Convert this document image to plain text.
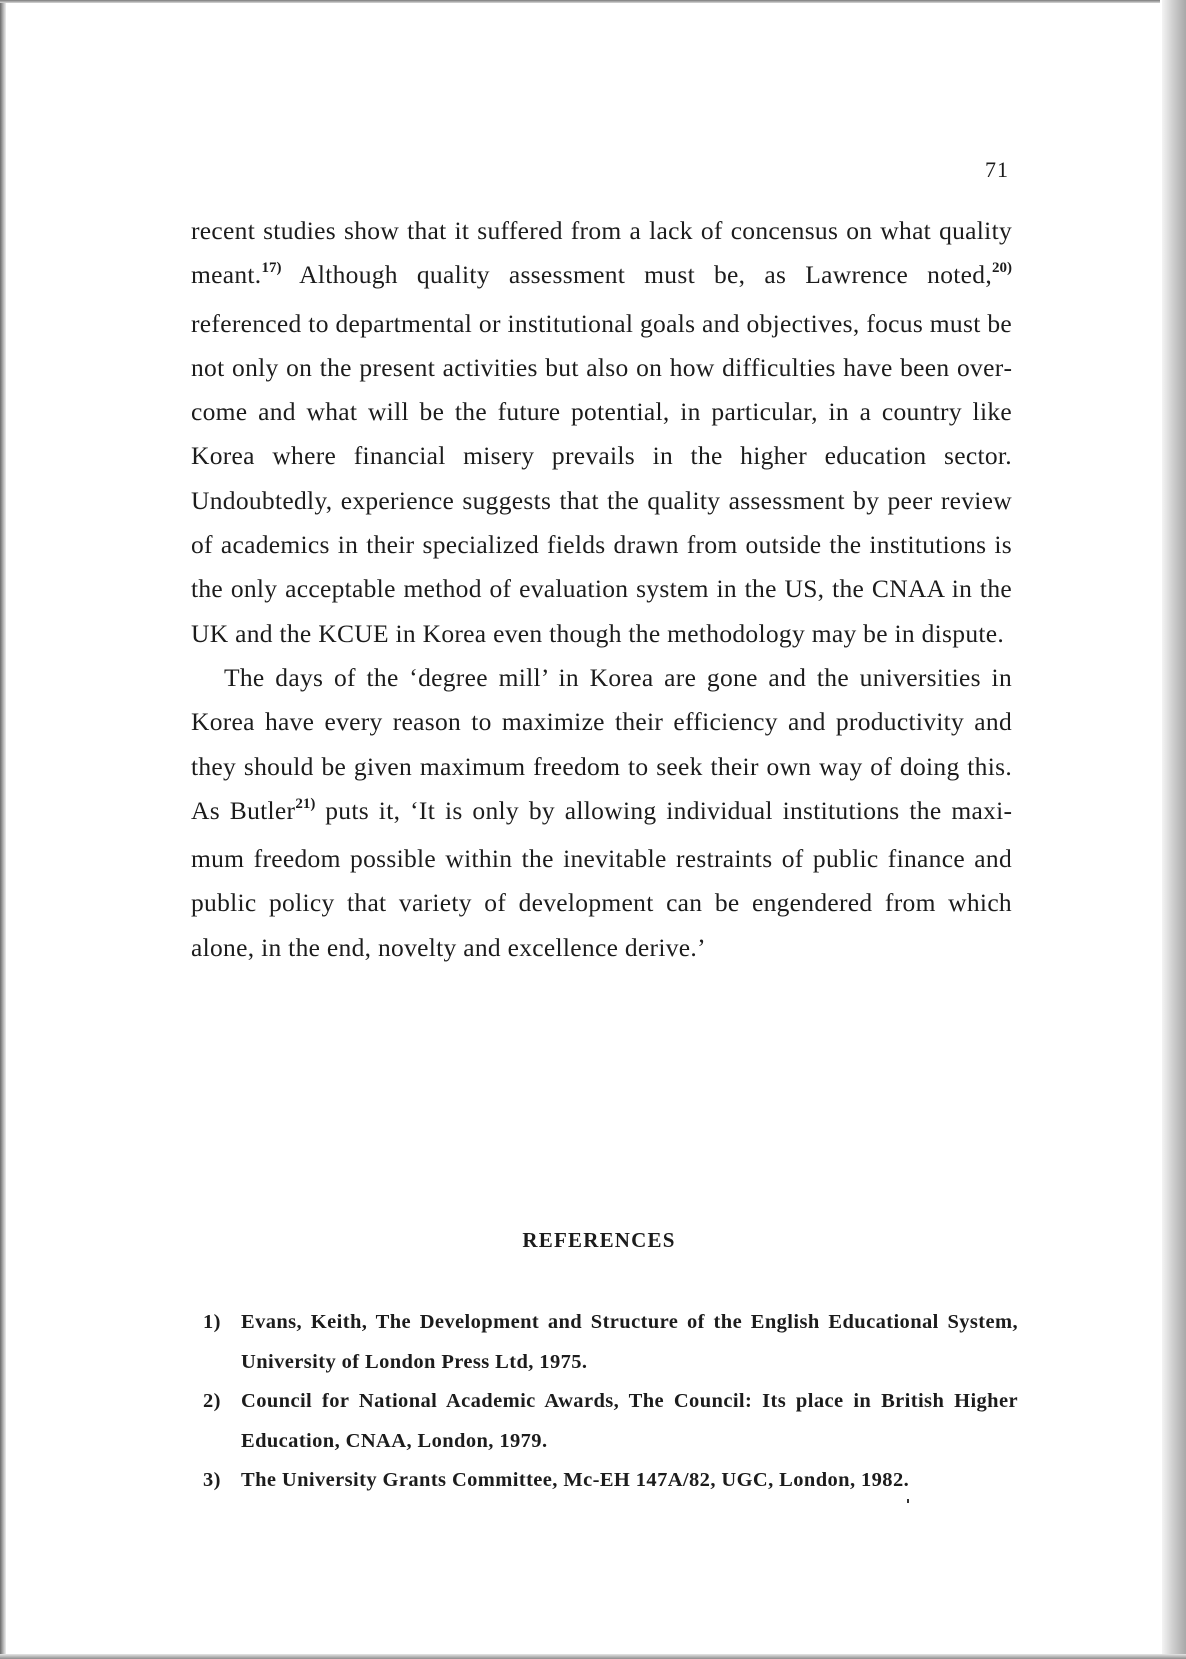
71

recent studies show that it suffered from a lack of concensus on what quality meant.$^{17)}$ Although quality assessment must be, as Lawrence noted,$^{20)}$ referenced to departmental or institutional goals and objectives, focus must be not only on the present activities but also on how difficulties have been overcome and what will be the future potential, in particular, in a country like Korea where financial misery prevails in the higher education sector. Undoubtedly, experience suggests that the quality assessment by peer review of academics in their specialized fields drawn from outside the institutions is the only acceptable method of evaluation system in the US, the CNAA in the UK and the KCUE in Korea even though the methodology may be in dispute.

The days of the ‘degree mill’ in Korea are gone and the universities in Korea have every reason to maximize their efficiency and productivity and they should be given maximum freedom to seek their own way of doing this. As Butler$^{21)}$ puts it, ‘It is only by allowing individual institutions the maximum freedom possible within the inevitable restraints of public finance and public policy that variety of development can be engendered from which alone, in the end, novelty and excellence derive.’

REFERENCES
1) Evans, Keith, The Development and Structure of the English Educational System, University of London Press Ltd, 1975.
2) Council for National Academic Awards, The Council: Its place in British Higher Education, CNAA, London, 1979.
3) The University Grants Committee, Mc-EH 147A/82, UGC, London, 1982.
